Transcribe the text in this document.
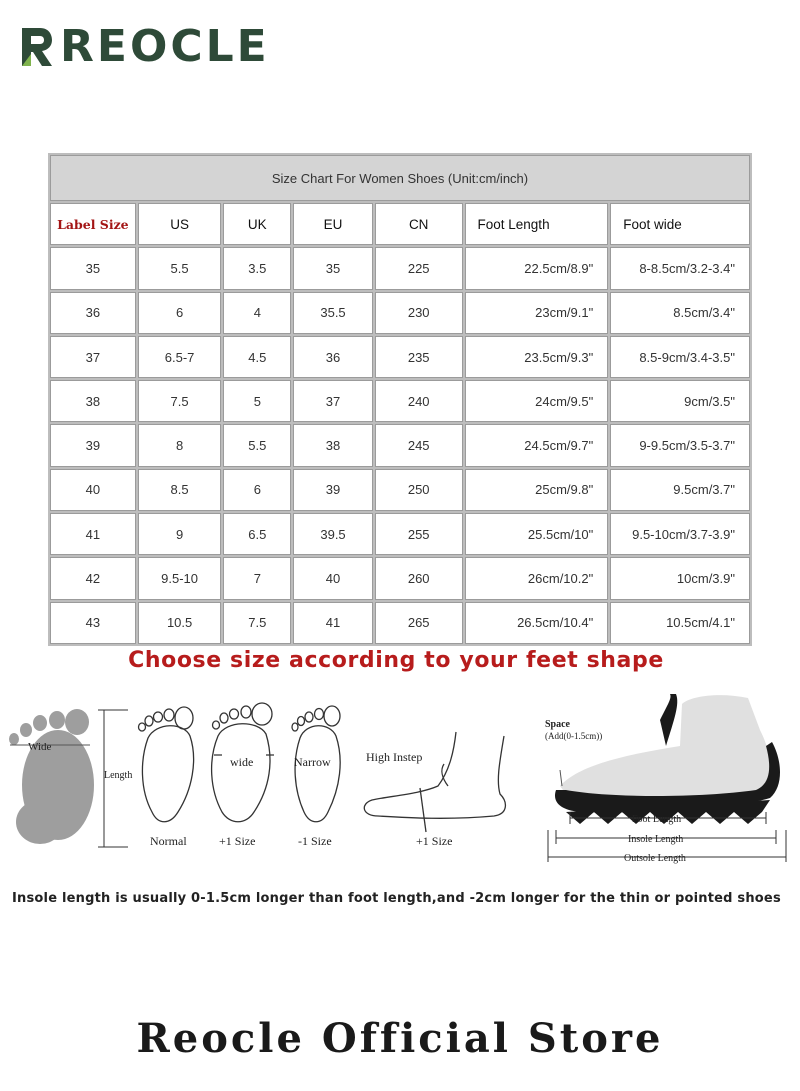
REOCLE
Size Chart For Women Shoes (Unit:cm/inch)						
Label Size	US	UK	EU	CN	Foot Length	Foot wide
35	5.5	3.5	35	225	22.5cm/8.9"	8-8.5cm/3.2-3.4"
36	6	4	35.5	230	23cm/9.1"	8.5cm/3.4"
37	6.5-7	4.5	36	235	23.5cm/9.3"	8.5-9cm/3.4-3.5"
38	7.5	5	37	240	24cm/9.5"	9cm/3.5"
39	8	5.5	38	245	24.5cm/9.7"	9-9.5cm/3.5-3.7"
40	8.5	6	39	250	25cm/9.8"	9.5cm/3.7"
41	9	6.5	39.5	255	25.5cm/10"	9.5-10cm/3.7-3.9"
42	9.5-10	7	40	260	26cm/10.2"	10cm/3.9"
43	10.5	7.5	41	265	26.5cm/10.4"	10.5cm/4.1"
Choose size according to your feet shape
Wide
Length
wide	Narrow
Normal	+1 Size	-1 Size
High Instep
+1 Size
Space
(Add(0-1.5cm))
Foot Length
Insole Length
Outsole Length
Insole length is usually 0-1.5cm longer than foot length,and -2cm longer for the thin or pointed shoes
Reocle Official Store
